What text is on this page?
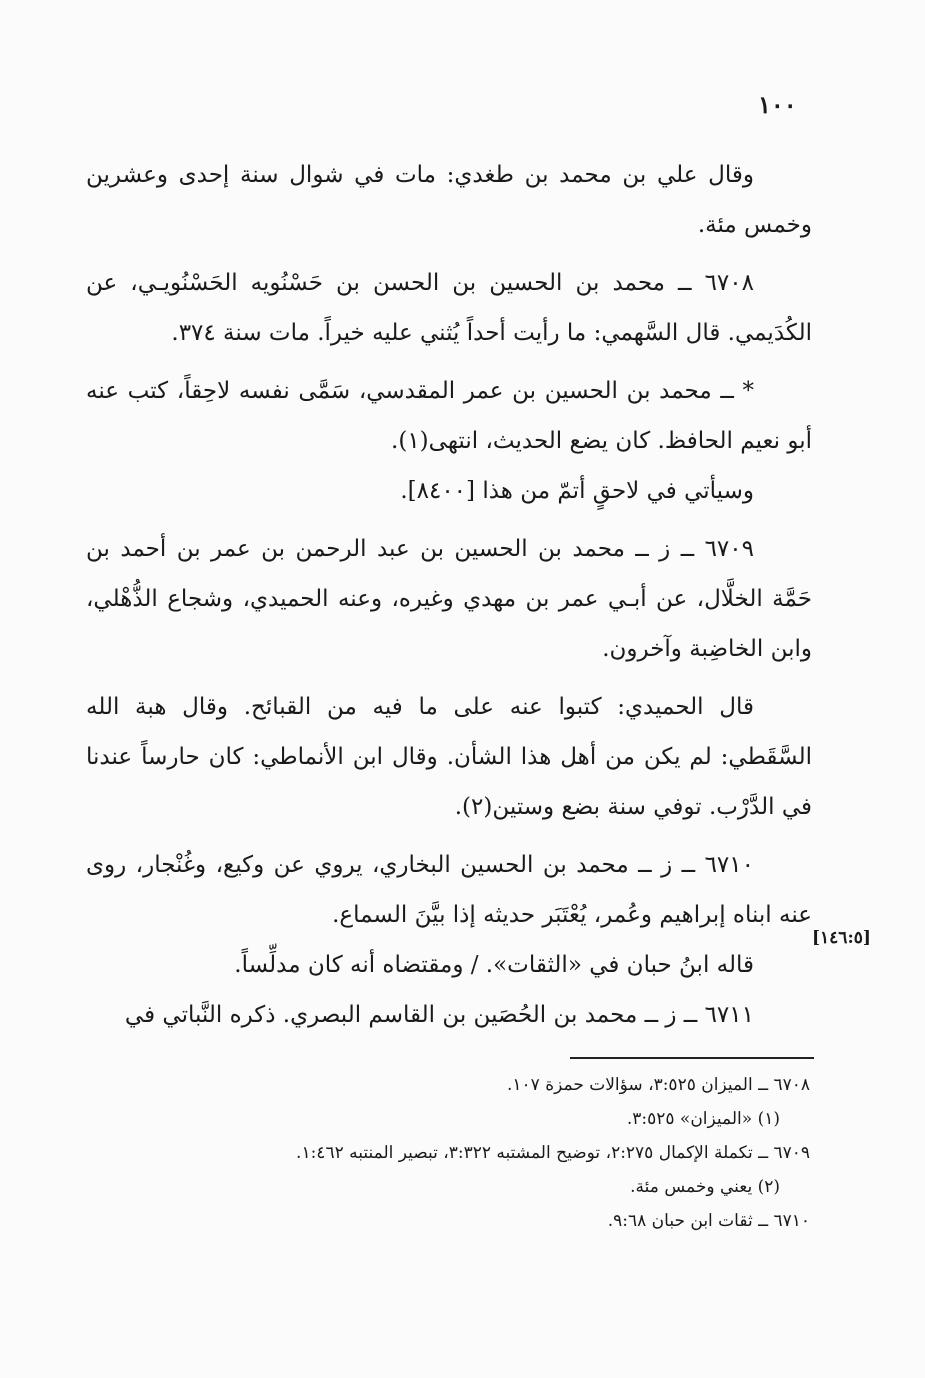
١٠٠

وقال علي بن محمد بن طغدي: مات في شوال سنة إحدى وعشرين وخمس مئة.

٦٧٠٨ ــ محمد بن الحسين بن الحسن بن حَسْنُويه الحَسْنُويـي، عن الكُدَيمي. قال السَّهمي: ما رأيت أحداً يُثني عليه خيراً. مات سنة ٣٧٤.

* ــ محمد بن الحسين بن عمر المقدسي، سَمَّى نفسه لاحِقاً، كتب عنه أبو نعيم الحافظ. كان يضع الحديث، انتهى(١).

وسيأتي في لاحقٍ أتمّ من هذا [٨٤٠٠].

٦٧٠٩ ــ ز ــ محمد بن الحسين بن عبد الرحمن بن عمر بن أحمد بن حَمَّة الخلَّال، عن أبـي عمر بن مهدي وغيره، وعنه الحميدي، وشجاع الذُّهْلي، وابن الخاضِبة وآخرون.

قال الحميدي: كتبوا عنه على ما فيه من القبائح. وقال هبة الله السَّقَطي: لم يكن من أهل هذا الشأن. وقال ابن الأنماطي: كان حارساً عندنا في الدَّرْب. توفي سنة بضع وستين(٢).

٦٧١٠ ــ ز ــ محمد بن الحسين البخاري، يروي عن وكيع، وغُنْجار، روى عنه ابناه إبراهيم وعُمر، يُعْتَبَر حديثه إذا بيَّنَ السماع.

قاله ابنُ حبان في «الثقات». / ومقتضاه أنه كان مدلِّساً.

٦٧١١ ــ ز ــ محمد بن الحُصَين بن القاسم البصري. ذكره النَّباتي في

[١٤٦:٥]

٦٧٠٨ ــ الميزان ٣:٥٢٥، سؤالات حمزة ١٠٧.

(١) «الميزان» ٣:٥٢٥.

٦٧٠٩ ــ تكملة الإكمال ٢:٢٧٥، توضيح المشتبه ٣:٣٢٢، تبصير المنتبه ١:٤٦٢.

(٢) يعني وخمس مئة.

٦٧١٠ ــ ثقات ابن حبان ٩:٦٨.
